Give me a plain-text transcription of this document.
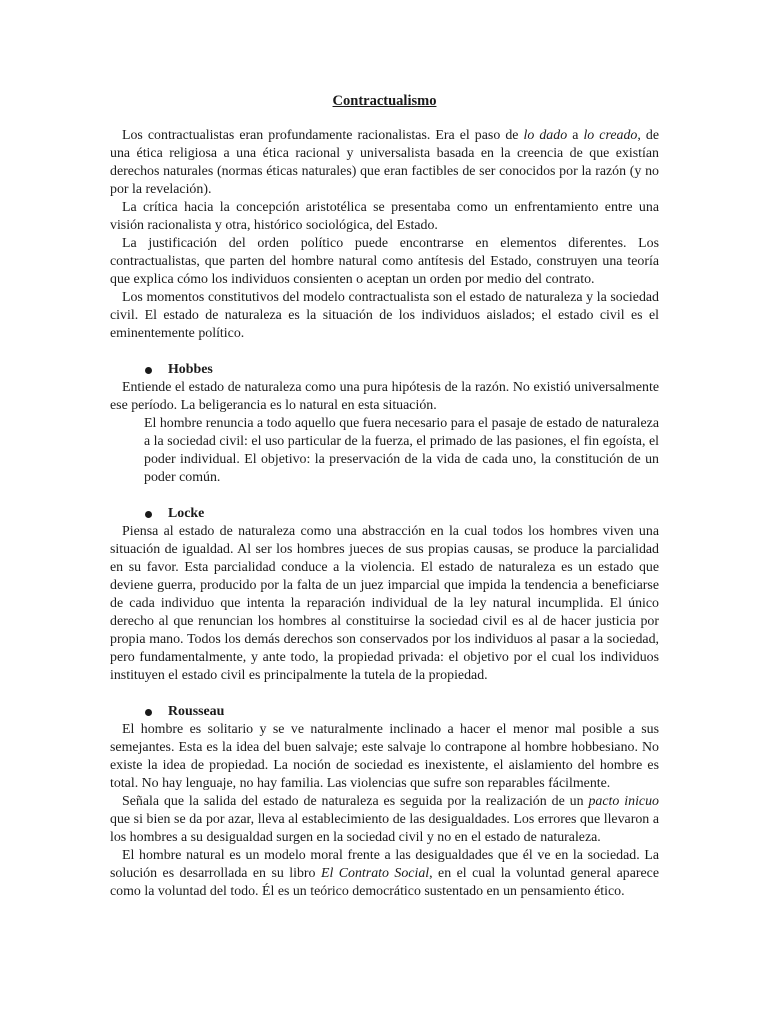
Contractualismo

Los contractualistas eran profundamente racionalistas. Era el paso de lo dado a lo creado, de una ética religiosa a una ética racional y universalista basada en la creencia de que existían derechos naturales (normas éticas naturales) que eran factibles de ser conocidos por la razón (y no por la revelación).

La crítica hacia la concepción aristotélica se presentaba como un enfrentamiento entre una visión racionalista y otra, histórico sociológica, del Estado.

La justificación del orden político puede encontrarse en elementos diferentes. Los contractualistas, que parten del hombre natural como antítesis del Estado, construyen una teoría que explica cómo los individuos consienten o aceptan un orden por medio del contrato.

Los momentos constitutivos del modelo contractualista son el estado de naturaleza y la sociedad civil. El estado de naturaleza es la situación de los individuos aislados; el estado civil es el eminentemente político.

Hobbes

Entiende el estado de naturaleza como una pura hipótesis de la razón. No existió universalmente ese período. La beligerancia es lo natural en esta situación.

El hombre renuncia a todo aquello que fuera necesario para el pasaje de estado de naturaleza a la sociedad civil: el uso particular de la fuerza, el primado de las pasiones, el fin egoísta, el poder individual. El objetivo: la preservación de la vida de cada uno, la constitución de un poder común.

Locke

Piensa al estado de naturaleza como una abstracción en la cual todos los hombres viven una situación de igualdad. Al ser los hombres jueces de sus propias causas, se produce la parcialidad en su favor. Esta parcialidad conduce a la violencia. El estado de naturaleza es un estado que deviene guerra, producido por la falta de un juez imparcial que impida la tendencia a beneficiarse de cada individuo que intenta la reparación individual de la ley natural incumplida. El único derecho al que renuncian los hombres al constituirse la sociedad civil es al de hacer justicia por propia mano. Todos los demás derechos son conservados por los individuos al pasar a la sociedad, pero fundamentalmente, y ante todo, la propiedad privada: el objetivo por el cual los individuos instituyen el estado civil es principalmente la tutela de la propiedad.

Rousseau

El hombre es solitario y se ve naturalmente inclinado a hacer el menor mal posible a sus semejantes. Esta es la idea del buen salvaje; este salvaje lo contrapone al hombre hobbesiano. No existe la idea de propiedad. La noción de sociedad es inexistente, el aislamiento del hombre es total. No hay lenguaje, no hay familia. Las violencias que sufre son reparables fácilmente.

Señala que la salida del estado de naturaleza es seguida por la realización de un pacto inicuo que si bien se da por azar, lleva al establecimiento de las desigualdades. Los errores que llevaron a los hombres a su desigualdad surgen en la sociedad civil y no en el estado de naturaleza.

El hombre natural es un modelo moral frente a las desigualdades que él ve en la sociedad. La solución es desarrollada en su libro El Contrato Social, en el cual la voluntad general aparece como la voluntad del todo. Él es un teórico democrático sustentado en un pensamiento ético.
